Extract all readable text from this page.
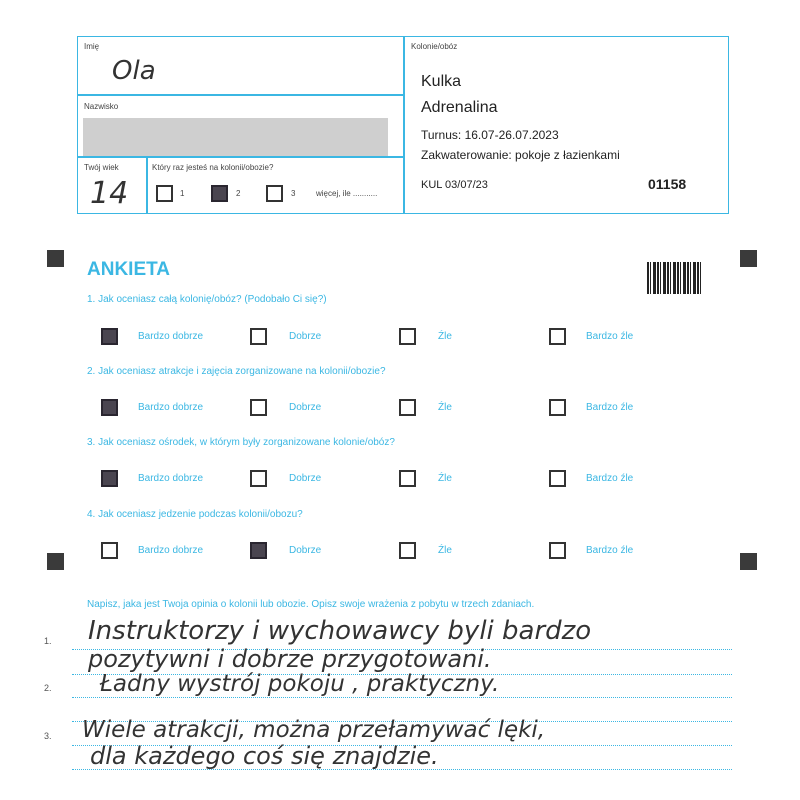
Imię
Ola
Nazwisko
Twój wiek
14
Który raz jesteś na kolonii/obozie?
1	2	3	więcej, ile ...........
Kolonie/obóz
Kulka
Adrenalina
Turnus: 16.07-26.07.2023
Zakwaterowanie: pokoje z łazienkami
KUL 03/07/23	01158
ANKIETA
1. Jak oceniasz całą kolonię/obóz? (Podobało Ci się?)
2. Jak oceniasz atrakcje i zajęcia zorganizowane na kolonii/obozie?
3. Jak oceniasz ośrodek, w którym były zorganizowane kolonie/obóz?
4. Jak oceniasz jedzenie podczas kolonii/obozu?
Bardzo dobrze	Dobrze	Źle	Bardzo źle
Bardzo dobrze	Dobrze	Źle	Bardzo źle
Bardzo dobrze	Dobrze	Źle	Bardzo źle
Bardzo dobrze	Dobrze	Źle	Bardzo źle
Napisz, jaka jest Twoja opinia o kolonii lub obozie. Opisz swoje wrażenia z pobytu w trzech zdaniach.
1.
2.
3.
Instruktorzy i wychowawcy byli bardzo
pozytywni i dobrze przygotowani.
Ładny wystrój pokoju , praktyczny.
Wiele atrakcji, można przełamywać lęki,
dla każdego coś się znajdzie.
